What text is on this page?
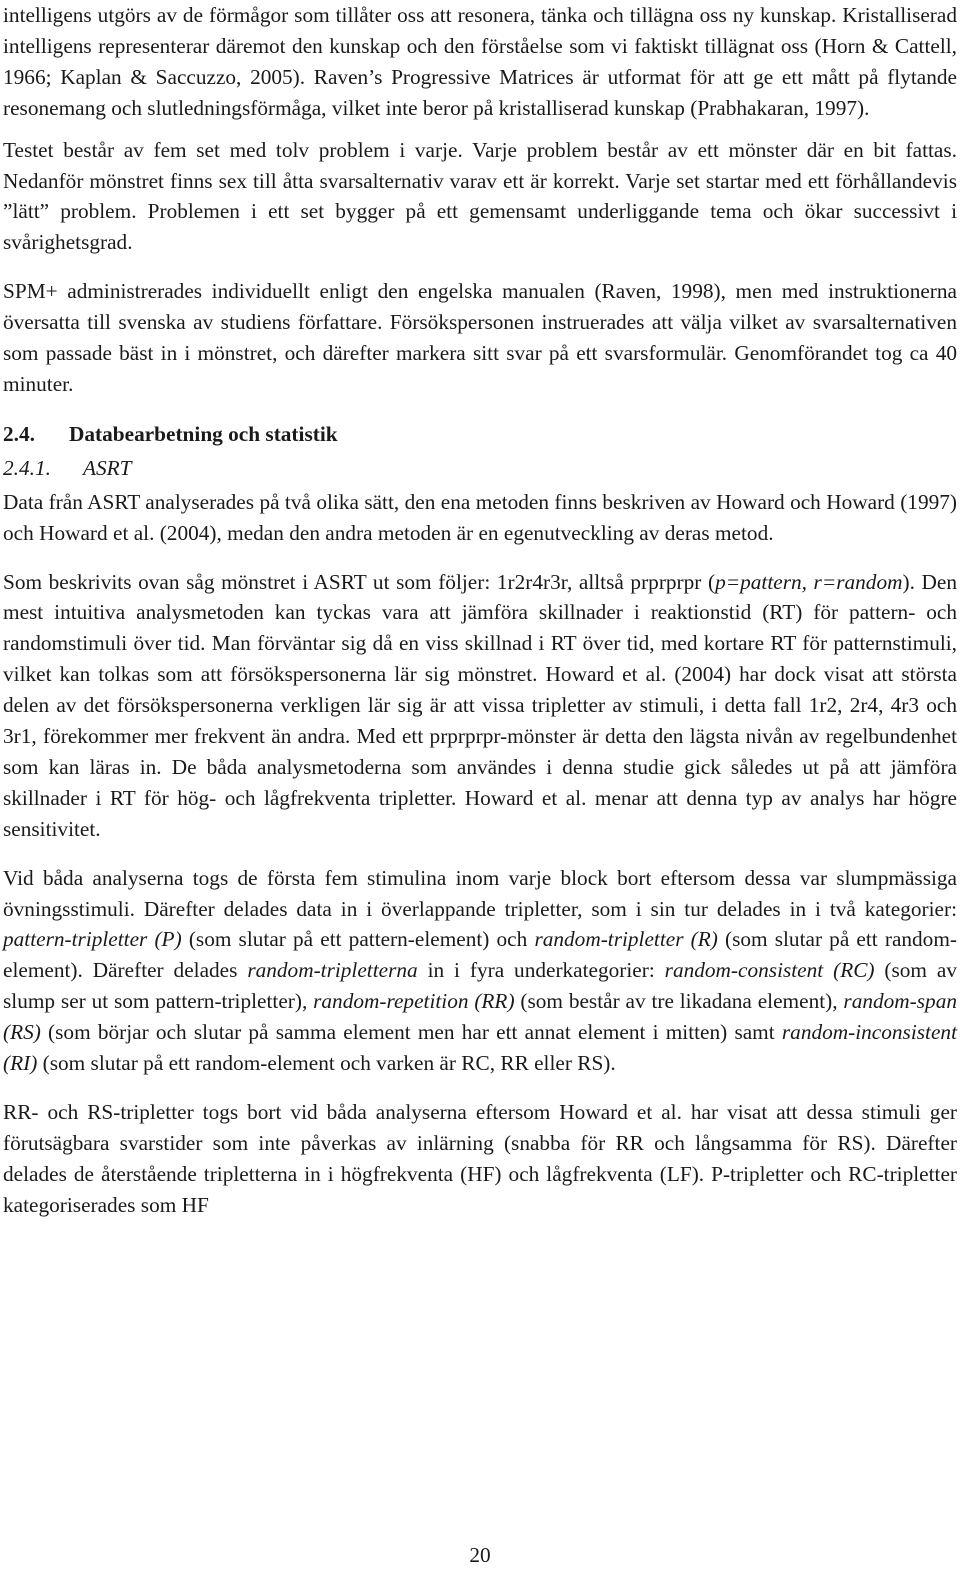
intelligens utgörs av de förmågor som tillåter oss att resonera, tänka och tillägna oss ny kunskap. Kristalliserad intelligens representerar däremot den kunskap och den förståelse som vi faktiskt tillägnat oss (Horn & Cattell, 1966; Kaplan & Saccuzzo, 2005). Raven’s Progressive Matrices är utformat för att ge ett mått på flytande resonemang och slutledningsförmåga, vilket inte beror på kristalliserad kunskap (Prabhakaran, 1997).

Testet består av fem set med tolv problem i varje. Varje problem består av ett mönster där en bit fattas. Nedanför mönstret finns sex till åtta svarsalternativ varav ett är korrekt. Varje set startar med ett förhållandevis ”lätt” problem. Problemen i ett set bygger på ett gemensamt underliggande tema och ökar successivt i svårighetsgrad.

SPM+ administrerades individuellt enligt den engelska manualen (Raven, 1998), men med instruktionerna översatta till svenska av studiens författare. Försökspersonen instruerades att välja vilket av svarsalternativen som passade bäst in i mönstret, och därefter markera sitt svar på ett svarsformulär. Genomförandet tog ca 40 minuter.

2.4. Databearbetning och statistik
2.4.1. ASRT

Data från ASRT analyserades på två olika sätt, den ena metoden finns beskriven av Howard och Howard (1997) och Howard et al. (2004), medan den andra metoden är en egenutveckling av deras metod.

Som beskrivits ovan såg mönstret i ASRT ut som följer: 1r2r4r3r, alltså prprprpr (p=pattern, r=random). Den mest intuitiva analysmetoden kan tyckas vara att jämföra skillnader i reaktionstid (RT) för pattern- och randomstimuli över tid. Man förväntar sig då en viss skillnad i RT över tid, med kortare RT för patternstimuli, vilket kan tolkas som att försökspersonerna lär sig mönstret. Howard et al. (2004) har dock visat att största delen av det försökspersonerna verkligen lär sig är att vissa tripletter av stimuli, i detta fall 1r2, 2r4, 4r3 och 3r1, förekommer mer frekvent än andra. Med ett prprprpr-mönster är detta den lägsta nivån av regelbundenhet som kan läras in. De båda analysmetoderna som användes i denna studie gick således ut på att jämföra skillnader i RT för hög- och lågfrekventa tripletter. Howard et al. menar att denna typ av analys har högre sensitivitet.

Vid båda analyserna togs de första fem stimulina inom varje block bort eftersom dessa var slumpmässiga övningsstimuli. Därefter delades data in i överlappande tripletter, som i sin tur delades in i två kategorier: pattern-tripletter (P) (som slutar på ett pattern-element) och random-tripletter (R) (som slutar på ett random-element). Därefter delades random-tripletterna in i fyra underkategorier: random-consistent (RC) (som av slump ser ut som pattern-tripletter), random-repetition (RR) (som består av tre likadana element), random-span (RS) (som börjar och slutar på samma element men har ett annat element i mitten) samt random-inconsistent (RI) (som slutar på ett random-element och varken är RC, RR eller RS).

RR- och RS-tripletter togs bort vid båda analyserna eftersom Howard et al. har visat att dessa stimuli ger förutsägbara svarstider som inte påverkas av inlärning (snabba för RR och långsamma för RS). Därefter delades de återstående tripletterna in i högfrekventa (HF) och lågfrekventa (LF). P-tripletter och RC-tripletter kategoriserades som HF

20
